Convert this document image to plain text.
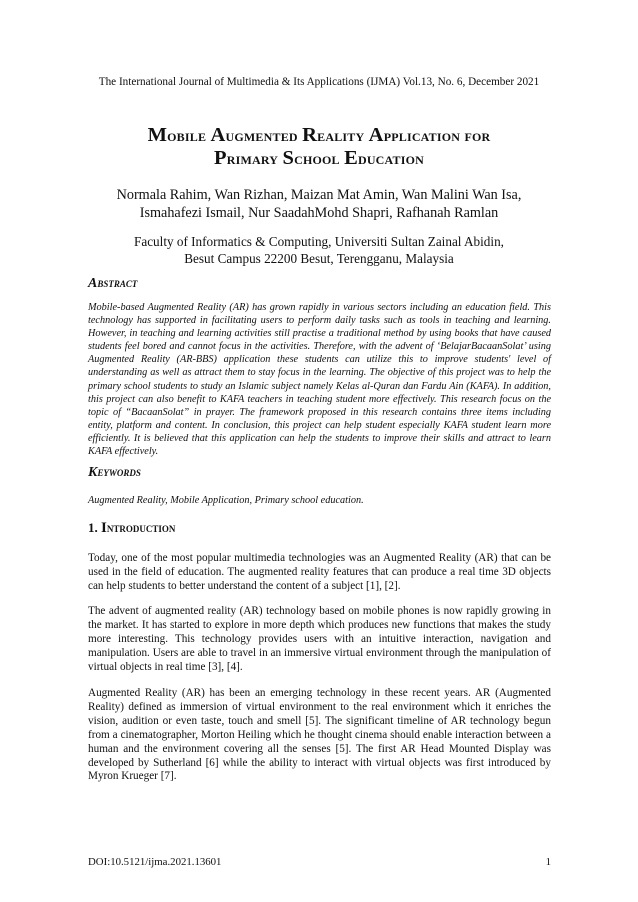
The International Journal of Multimedia & Its Applications (IJMA) Vol.13, No. 6, December 2021
Mobile Augmented Reality Application for
Primary School Education
Normala Rahim, Wan Rizhan, Maizan Mat Amin, Wan Malini Wan Isa,
Ismahafezi Ismail, Nur SaadahMohd Shapri, Rafhanah Ramlan
Faculty of Informatics & Computing, Universiti Sultan Zainal Abidin,
Besut Campus 22200 Besut, Terengganu, Malaysia
Abstract

Mobile-based Augmented Reality (AR) has grown rapidly in various sectors including an education field. This technology has supported in facilitating users to perform daily tasks such as tools in teaching and learning. However, in teaching and learning activities still practise a traditional method by using books that have caused students feel bored and cannot focus in the activities. Therefore, with the advent of ‘BelajarBacaanSolat’ using Augmented Reality (AR-BBS) application these students can utilize this to improve students' level of understanding as well as attract them to stay focus in the learning. The objective of this project was to help the primary school students to study an Islamic subject namely Kelas al-Quran dan Fardu Ain (KAFA). In addition, this project can also benefit to KAFA teachers in teaching student more effectively. This research focus on the topic of “BacaanSolat” in prayer. The framework proposed in this research contains three items including entity, platform and content. In conclusion, this project can help student especially KAFA student learn more efficiently. It is believed that this application can help the students to improve their skills and attract to learn KAFA effectively.

Keywords

Augmented Reality, Mobile Application, Primary school education.

1. Introduction

Today, one of the most popular multimedia technologies was an Augmented Reality (AR) that can be used in the field of education. The augmented reality features that can produce a real time 3D objects can help students to better understand the content of a subject [1], [2].

The advent of augmented reality (AR) technology based on mobile phones is now rapidly growing in the market. It has started to explore in more depth which produces new functions that makes the study more interesting. This technology provides users with an intuitive interaction, navigation and manipulation. Users are able to travel in an immersive virtual environment through the manipulation of virtual objects in real time [3], [4].

Augmented Reality (AR) has been an emerging technology in these recent years. AR (Augmented Reality) defined as immersion of virtual environment to the real environment which it enriches the vision, audition or even taste, touch and smell [5]. The significant timeline of AR technology begun from a cinematographer, Morton Heiling which he thought cinema should enable interaction between a human and the environment covering all the senses [5]. The first AR Head Mounted Display was developed by Sutherland [6] while the ability to interact with virtual objects was first introduced by Myron Krueger [7].

DOI:10.5121/ijma.2021.13601	1
